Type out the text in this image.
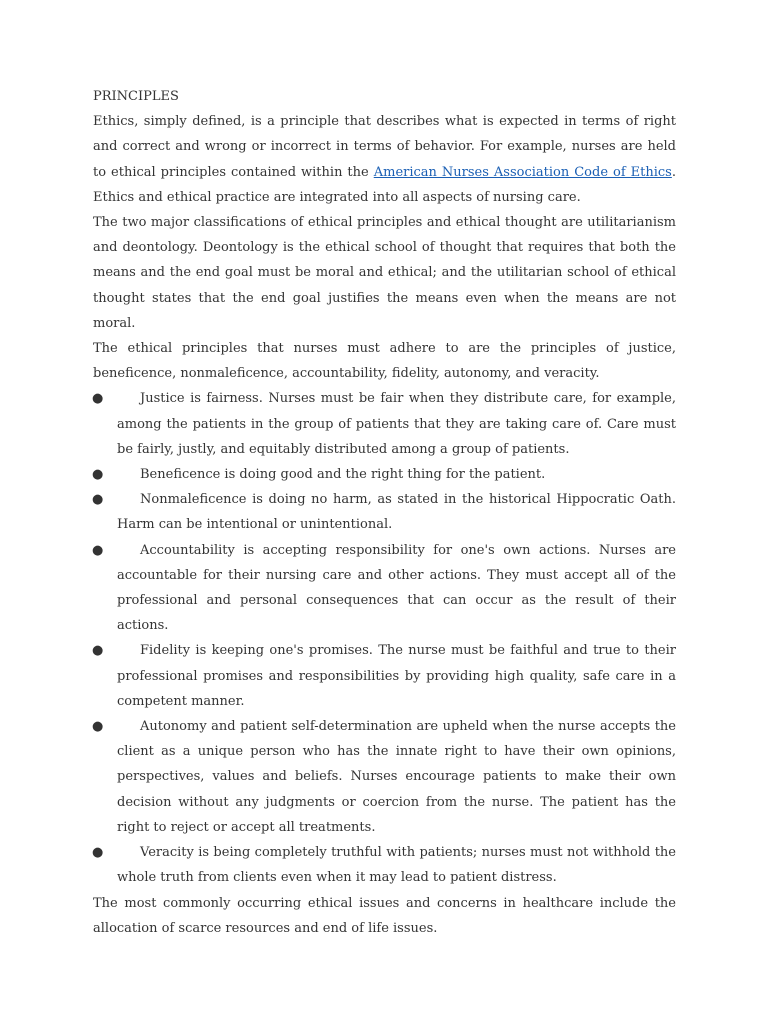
PRINCIPLES

Ethics, simply defined, is a principle that describes what is expected in terms of right and correct and wrong or incorrect in terms of behavior. For example, nurses are held to ethical principles contained within the American Nurses Association Code of Ethics. Ethics and ethical practice are integrated into all aspects of nursing care.

The two major classifications of ethical principles and ethical thought are utilitarianism and deontology. Deontology is the ethical school of thought that requires that both the means and the end goal must be moral and ethical; and the utilitarian school of ethical thought states that the end goal justifies the means even when the means are not moral.

The ethical principles that nurses must adhere to are the principles of justice, beneficence, nonmaleficence, accountability, fidelity, autonomy, and veracity.

●	Justice is fairness. Nurses must be fair when they distribute care, for example, among the patients in the group of patients that they are taking care of. Care must be fairly, justly, and equitably distributed among a group of patients.
●	Beneficence is doing good and the right thing for the patient.
●	Nonmaleficence is doing no harm, as stated in the historical Hippocratic Oath. Harm can be intentional or unintentional.
●	Accountability is accepting responsibility for one's own actions. Nurses are accountable for their nursing care and other actions. They must accept all of the professional and personal consequences that can occur as the result of their actions.
●	Fidelity is keeping one's promises. The nurse must be faithful and true to their professional promises and responsibilities by providing high quality, safe care in a competent manner.
●	Autonomy and patient self-determination are upheld when the nurse accepts the client as a unique person who has the innate right to have their own opinions, perspectives, values and beliefs. Nurses encourage patients to make their own decision without any judgments or coercion from the nurse. The patient has the right to reject or accept all treatments.
●	Veracity is being completely truthful with patients; nurses must not withhold the whole truth from clients even when it may lead to patient distress.

The most commonly occurring ethical issues and concerns in healthcare include the allocation of scarce resources and end of life issues.
